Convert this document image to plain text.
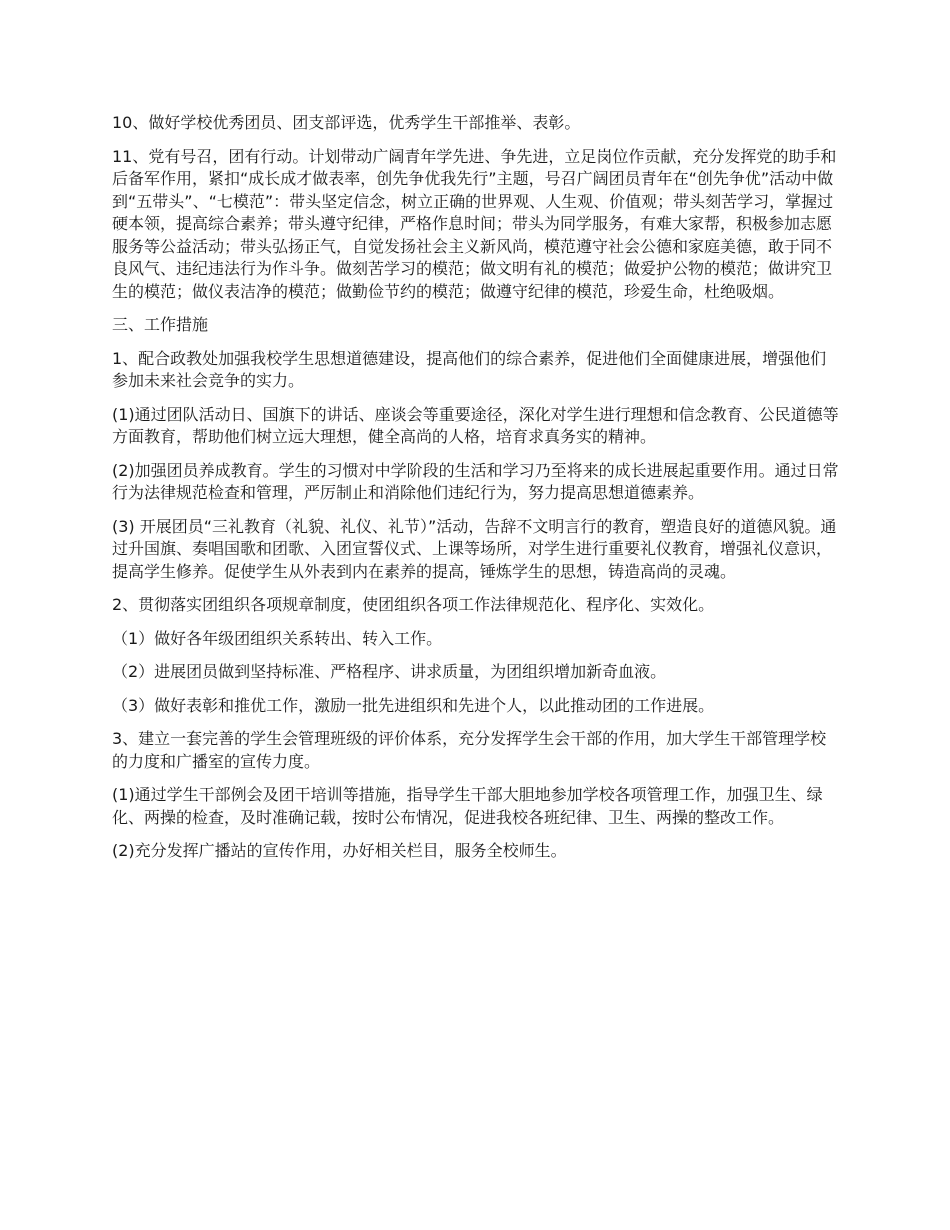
10、做好学校优秀团员、团支部评选，优秀学生干部推举、表彰。

11、党有号召，团有行动。计划带动广阔青年学先进、争先进，立足岗位作贡献，充分发挥党的助手和后备军作用，紧扣“成长成才做表率，创先争优我先行”主题，号召广阔团员青年在“创先争优”活动中做到“五带头”、“七模范”：带头坚定信念，树立正确的世界观、人生观、价值观；带头刻苦学习，掌握过硬本领，提高综合素养；带头遵守纪律，严格作息时间；带头为同学服务，有难大家帮，积极参加志愿服务等公益活动；带头弘扬正气，自觉发扬社会主义新风尚，模范遵守社会公德和家庭美德，敢于同不良风气、违纪违法行为作斗争。做刻苦学习的模范；做文明有礼的模范；做爱护公物的模范；做讲究卫生的模范；做仪表洁净的模范；做勤俭节约的模范；做遵守纪律的模范，珍爱生命，杜绝吸烟。

三、工作措施

1、配合政教处加强我校学生思想道德建设，提高他们的综合素养，促进他们全面健康进展，增强他们参加未来社会竞争的实力。

(1)通过团队活动日、国旗下的讲话、座谈会等重要途径，深化对学生进行理想和信念教育、公民道德等方面教育，帮助他们树立远大理想，健全高尚的人格，培育求真务实的精神。

(2)加强团员养成教育。学生的习惯对中学阶段的生活和学习乃至将来的成长进展起重要作用。通过日常行为法律规范检查和管理，严厉制止和消除他们违纪行为，努力提高思想道德素养。

(3) 开展团员“三礼教育（礼貌、礼仪、礼节）”活动，告辞不文明言行的教育，塑造良好的道德风貌。通过升国旗、奏唱国歌和团歌、入团宣誓仪式、上课等场所，对学生进行重要礼仪教育，增强礼仪意识，提高学生修养。促使学生从外表到内在素养的提高，锤炼学生的思想，铸造高尚的灵魂。

2、贯彻落实团组织各项规章制度，使团组织各项工作法律规范化、程序化、实效化。

（1）做好各年级团组织关系转出、转入工作。

（2）进展团员做到坚持标准、严格程序、讲求质量，为团组织增加新奇血液。

（3）做好表彰和推优工作，激励一批先进组织和先进个人，以此推动团的工作进展。

3、建立一套完善的学生会管理班级的评价体系，充分发挥学生会干部的作用，加大学生干部管理学校的力度和广播室的宣传力度。

(1)通过学生干部例会及团干培训等措施，指导学生干部大胆地参加学校各项管理工作，加强卫生、绿化、两操的检查，及时准确记载，按时公布情况，促进我校各班纪律、卫生、两操的整改工作。

(2)充分发挥广播站的宣传作用，办好相关栏目，服务全校师生。
